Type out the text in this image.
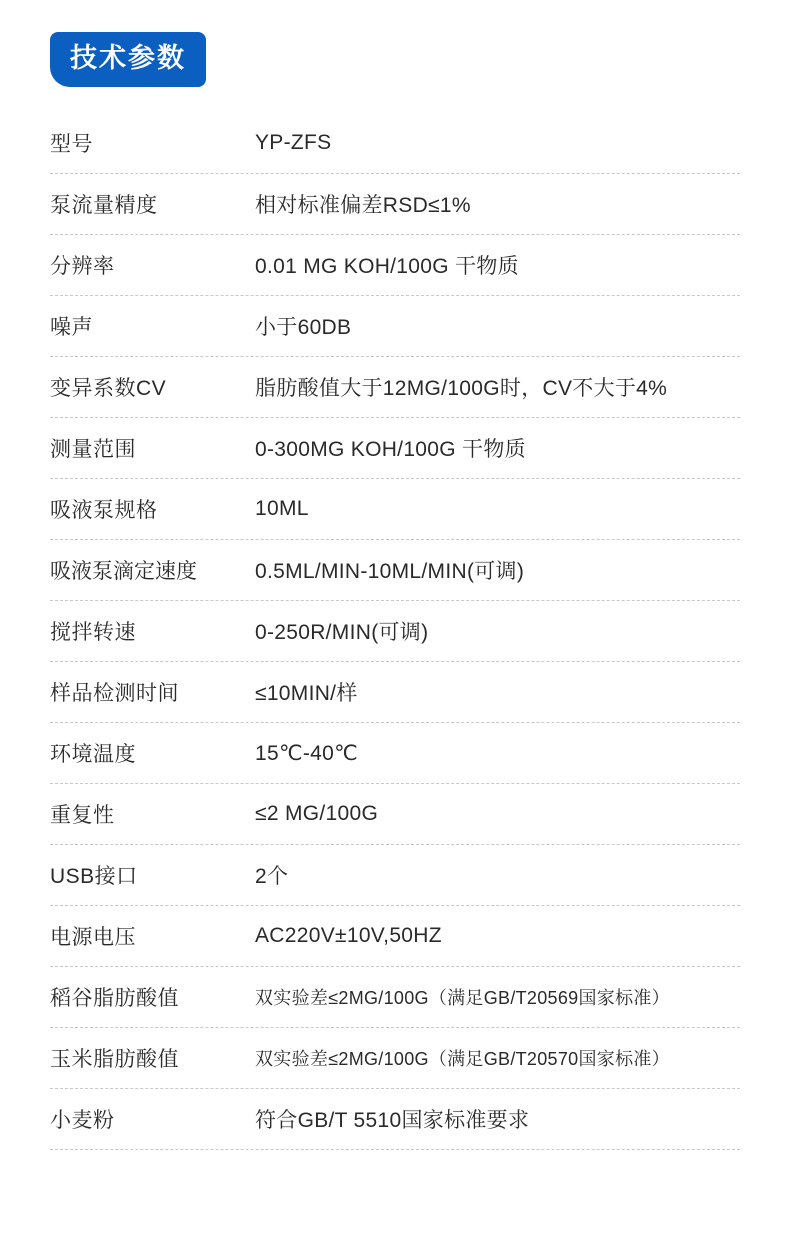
技术参数
型号	YP-ZFS
泵流量精度	相对标准偏差RSD≤1%
分辨率	0.01 MG KOH/100G 干物质
噪声	小于60DB
变异系数CV	脂肪酸值大于12MG/100G时，CV不大于4%
测量范围	0-300MG KOH/100G 干物质
吸液泵规格	10ML
吸液泵滴定速度	0.5ML/MIN-10ML/MIN(可调)
搅拌转速	0-250R/MIN(可调)
样品检测时间	≤10MIN/样
环境温度	15℃-40℃
重复性	≤2 MG/100G
USB接口	2个
电源电压	AC220V±10V,50HZ
稻谷脂肪酸值	双实验差≤2MG/100G（满足GB/T20569国家标准）
玉米脂肪酸值	双实验差≤2MG/100G（满足GB/T20570国家标准）
小麦粉	符合GB/T 5510国家标准要求
